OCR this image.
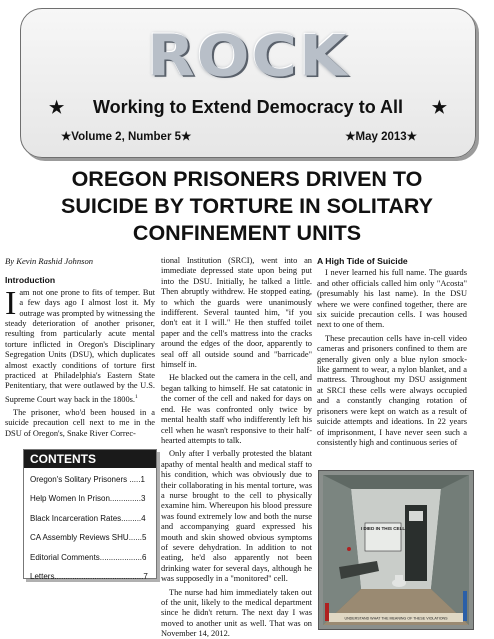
ROCK
★ Working to Extend Democracy to All ★
★Volume 2, Number 5★	★May 2013★
OREGON PRISONERS DRIVEN TO
SUICIDE BY TORTURE IN SOLITARY
CONFINEMENT UNITS
By Kevin Rashid Johnson
Introduction

Iam not one prone to fits of temper. But a few days ago I almost lost it. My outrage was prompted by witnessing the steady deterioration of another prisoner, resulting from particularly acute mental torture inflicted in Oregon's Disciplinary Segregation Units (DSU), which duplicates almost exactly conditions of torture first practiced at Philadelphia's Eastern State Penitentiary, that were outlawed by the U.S. Supreme Court way back in the 1800s.$^1$

The prisoner, who'd been housed in a suicide precaution cell next to me in the DSU of Oregon's, Snake River Correc-

CONTENTS
Oregon's Solitary Prisoners .....1
Help Women In Prison..............3
Black Incarceration Rates.........4
CA Assembly Reviews SHU......5
Editorial Comments...................6
Letters........................................7

tional Institution (SRCI), went into an immediate depressed state upon being put into the DSU. Initially, he talked a little. Then abruptly withdrew. He stopped eating, to which the guards were unanimously indifferent. Several taunted him, "if you don't eat it I will." He then stuffed toilet paper and the cell's mattress into the cracks around the edges of the door, apparently to seal off all outside sound and "barricade" himself in.

He blacked out the camera in the cell, and began talking to himself. He sat catatonic in the corner of the cell and naked for days on end. He was confronted only twice by mental health staff who indifferently left his cell when he wasn't responsive to their half-hearted attempts to talk.

Only after I verbally protested the blatant apathy of mental health and medical staff to his condition, which was obviously due to their collaborating in his mental torture, was a nurse brought to the cell to physically examine him. Whereupon his blood pressure was found extremely low and both the nurse and accompanying guard expressed his mouth and skin showed obvious symptoms of severe dehydration. In addition to not eating, he'd also apparently not been drinking water for several days, although he was supposedly in a "monitored" cell.

The nurse had him immediately taken out of the unit, likely to the medical department since he didn't return. The next day I was moved to another unit as well. That was on November 14, 2012.

A High Tide of Suicide

I never learned his full name. The guards and other officials called him only "Acosta" (presumably his last name). In the DSU where we were confined together, there are six suicide precaution cells. I was housed next to one of them.

These precaution cells have in-cell video cameras and prisoners confined to them are generally given only a blue nylon smock-like garment to wear, a nylon blanket, and a mattress. Throughout my DSU assignment at SRCI these cells were always occupied and a constantly changing rotation of prisoners were kept on watch as a result of suicide attempts and ideations. In 22 years of imprisonment, I have never seen such a consistently high and continuous series of

I DIED IN THIS CELL
UNDERSTAND WHAT THE MEANING OF THESE VIOLATIONS
